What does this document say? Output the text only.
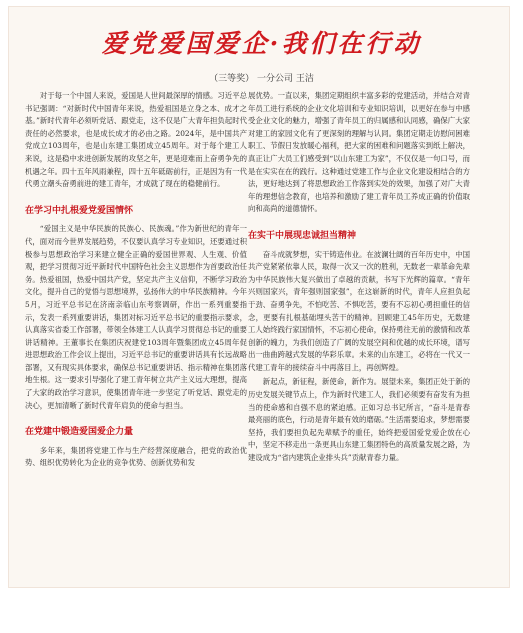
爱党爱国爱企·我们在行动
（三等奖） 一分公司 王洁

对于每一个中国人来说，爱国是人世间最深厚的情感。习近平总书记强调：“对新时代中国青年来说，热爱祖国是立身之本、成才之基。”新时代青年必须听党话、跟党走，这不仅是广大青年担负起时代责任的必然要求，也是成长成才的必由之路。2024年，是中国共产党成立103周年，也是山东建工集团成立45周年。对于每个建工人来说，这是稳中求进创新发展的攻坚之年，更是迎难而上奋勇争先的机遇之年。四十五年风雨兼程，四十五年砥砺前行，正是因为有一代代勇立潮头奋勇前进的建工青年，才成就了现在的稳健前行。

在学习中扎根爱党爱国情怀

“爱国主义是中华民族的民族心、民族魂。”作为新世纪的青年一代，面对而今世界发展趋势，不仅要认真学习专业知识，还要通过积极参与思想政治学习来建立健全正确的爱国世界观、人生观、价值观，把学习贯彻习近平新时代中国特色社会主义思想作为首要政治任务。热爱祖国，热爱中国共产党，坚定共产主义信仰，不断学习政治文化，提升自己的觉悟与思想境界，弘扬伟大的中华民族精神。今年5月，习近平总书记在济南亲临山东考察调研，作出一系列重要指示，发表一系列重要讲话，集团对标习近平总书记的重要指示要求，认真落实省委工作部署，带领全体建工人认真学习贯彻总书记的重要讲话精神。王董事长在集团庆祝建党103周年暨集团成立45周年促进思想政治工作会议上提出，习近平总书记的重要讲话具有长远战略部署，又有现实具体要求，确保总书记重要讲话、指示精神在集团落地生根。这一要求引导强化了建工青年树立共产主义远大理想，提高了大家的政治学习意识，使集团青年进一步坚定了听党话、跟党走的决心，更加清晰了新时代青年肩负的使命与担当。

在党建中锻造爱国爱企力量

多年来，集团将党建工作与生产经营深度融合，把党的政治优势、组织优势转化为企业的竞争优势、创新优势和发

展优势。一直以来，集团定期组织丰富多彩的党建活动，并结合对青年员工进行系统的企业文化培训和专业知识培训，以更好在参与中感受企业文化的魅力，增强了青年员工的归属感和认同感，确保广大家对建工的家园文化有了更深刻的理解与认同。集团定期走访慰问困难职工、节假日发放暖心福利，把大家的困难和问题落实到纸上解决，真正让广大员工们感受到“以山东建工为家”，不仅仅是一句口号，而是在实实在在的践行。这种通过党建工作与企业文化建设相结合的方法，更好地达到了将思想政治工作落到实处的效果，加强了对广大青年的理想信念教育，也培养和激励了建工青年员工养成正确的价值取向和高尚的道德情怀。

在实干中展现忠诚担当精神

奋斗成就梦想，实干铸造伟业。在波澜壮阔的百年历史中，中国共产党紧紧依靠人民，取得一次又一次的胜利，无数老一辈革命先辈为中华民族伟大复兴做出了卓越的贡献，书写下光辉的篇章。“青年兴则国家兴，青年强则国家强”，在这崭新的时代，青年人应担负起于劲、奋勇争先，不怕吃苦、不惧吃苦，要有不忘初心勇担重任的信念，更要有扎根基础埋头苦干的精神。回顾建工45年历史，无数建工人始终践行家国情怀，不忘初心使命，保持勇往无前的激情和改革创新的魄力，为我们创造了广阔的发展空间和优越的成长环境，谱写出一曲曲跨越式发展的华彩乐章。未来的山东建工，必将在一代又一代建工青年的接续奋斗中再落目上，再创辉煌。

新起点，新征程，新使命，新作为。展望未来，集团正处于新的历史发展关键节点上，作为新时代建工人，我们必须要有奋发有为担当的使命感和自强不息的紧迫感。正如习总书记所言，“奋斗是青春最亮丽的底色，行动是青年最有效的磨砺。”生活需要追求，梦想需要坚持，我们要担负起先辈赋予的重任，始终把爱国爱党爱企放在心中，坚定不移走出一条更具山东建工集团特色的高质量发展之路，为建设成为“省内建筑企业排头兵”贡献青春力量。
